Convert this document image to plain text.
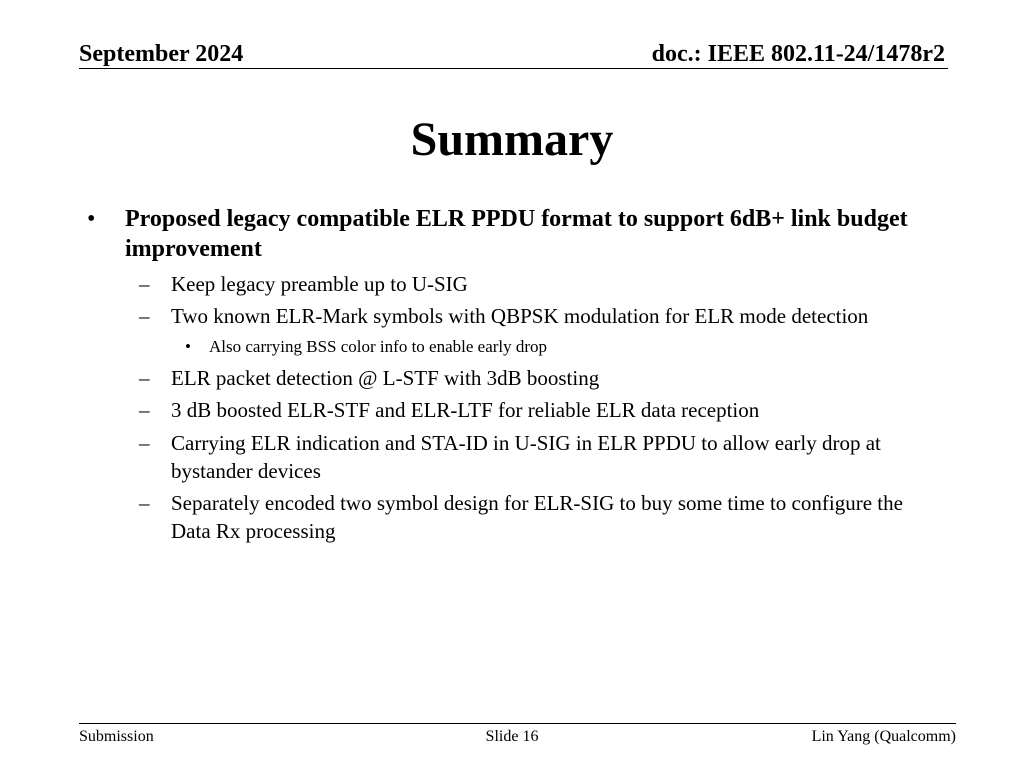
September 2024	doc.: IEEE 802.11-24/1478r2
Summary
• Proposed legacy compatible ELR PPDU format to support 6dB+ link budget improvement
– Keep legacy preamble up to U-SIG
– Two known ELR-Mark symbols with QBPSK modulation for ELR mode detection
• Also carrying BSS color info to enable early drop
– ELR packet detection @ L-STF with 3dB boosting
– 3 dB boosted ELR-STF and ELR-LTF for reliable ELR data reception
– Carrying ELR indication and STA-ID in U-SIG in ELR PPDU to allow early drop at bystander devices
– Separately encoded two symbol design for ELR-SIG to buy some time to configure the Data Rx processing
Submission	Slide 16	Lin Yang (Qualcomm)
